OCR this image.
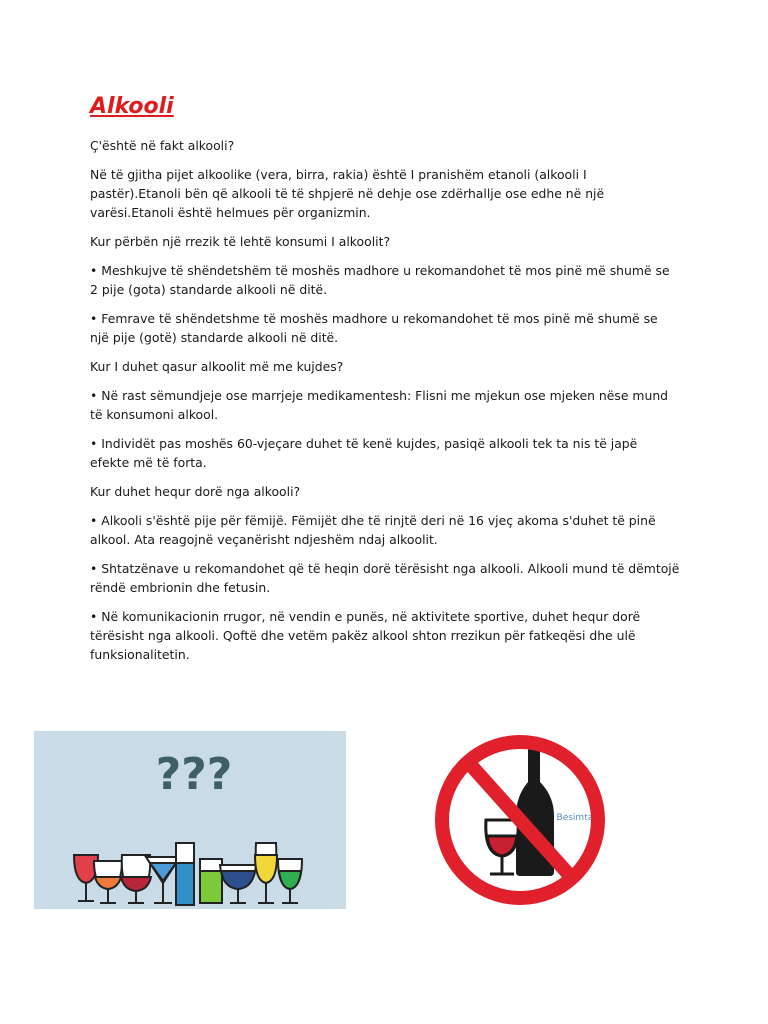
Alkooli

Ç'është në fakt alkooli?

Në të gjitha pijet alkoolike (vera, birra, rakia) është I pranishëm etanoli (alkooli I pastër).Etanoli bën që alkooli të të shpjerë në dehje ose zdërhallje ose edhe në një varësi.Etanoli është helmues për organizmin.

Kur përbën një rrezik të lehtë konsumi I alkoolit?

• Meshkujve të shëndetshëm të moshës madhore u rekomandohet të mos pinë më shumë se 2 pije (gota) standarde alkooli në ditë.

• Femrave të shëndetshme të moshës madhore u rekomandohet të mos pinë më shumë se një pije (gotë) standarde alkooli në ditë.

Kur I duhet qasur alkoolit më me kujdes?

• Në rast sëmundjeje ose marrjeje medikamentesh: Flisni me mjekun ose mjeken nëse mund të konsumoni alkool.

• Individët pas moshës 60-vjeçare duhet të kenë kujdes, pasiqë alkooli tek ta nis të japë efekte më të forta.

Kur duhet hequr dorë nga alkooli?

• Alkooli s'është pije për fëmijë. Fëmijët dhe të rinjtë deri në 16 vjeç akoma s'duhet të pinë alkool. Ata reagojnë veçanërisht ndjeshëm ndaj alkoolit.

• Shtatzënave u rekomandohet që të heqin dorë tërësisht nga alkooli. Alkooli mund të dëmtojë rëndë embrionin dhe fetusin.

• Në komunikacionin rrugor, në vendin e punës, në aktivitete sportive, duhet hequr dorë tërësisht nga alkooli. Qoftë dhe vetëm pakëz alkool shton rrezikun për fatkeqësi dhe ulë funksionalitetin.

???
Besimtari
